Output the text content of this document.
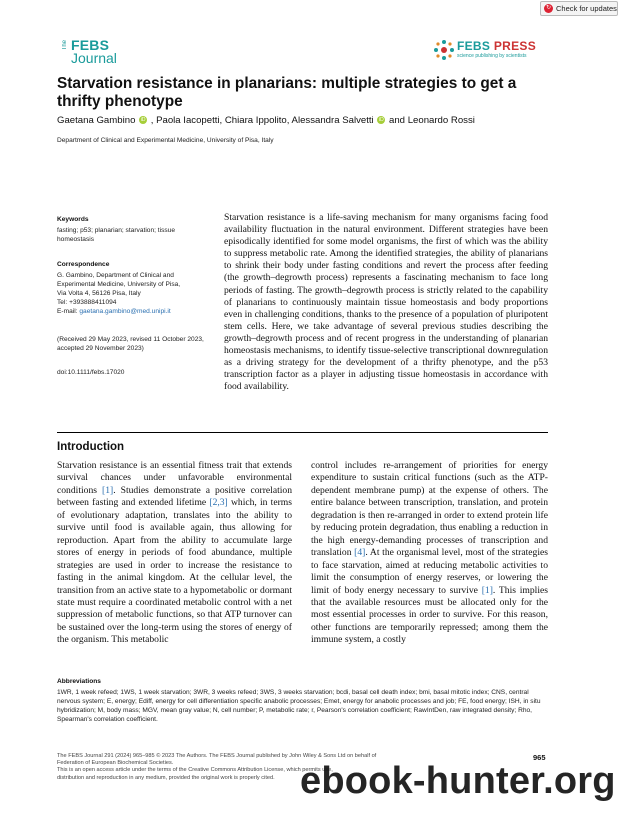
↻ Check for updates
The FEBS
Journal
FEBS PRESS
science publishing by scientists
Starvation resistance in planarians: multiple strategies to get a thrifty phenotype
Gaetana Gambino iD , Paola Iacopetti, Chiara Ippolito, Alessandra Salvetti iD and Leonardo Rossi
Department of Clinical and Experimental Medicine, University of Pisa, Italy
Keywords
fasting; p53; planarian; starvation; tissue homeostasis
Correspondence
G. Gambino, Department of Clinical and
Experimental Medicine, University of Pisa,
Via Volta 4, 56126 Pisa, Italy
Tel: +393888411094
E-mail: gaetana.gambino@med.unipi.it
(Received 29 May 2023, revised 11 October 2023, accepted 29 November 2023)
doi:10.1111/febs.17020
Starvation resistance is a life-saving mechanism for many organisms facing food availability fluctuation in the natural environment. Different strategies have been episodically identified for some model organisms, the first of which was the ability to suppress metabolic rate. Among the identified strategies, the ability of planarians to shrink their body under fasting conditions and revert the process after feeding (the growth–degrowth process) represents a fascinating mechanism to face long periods of fasting. The growth–degrowth process is strictly related to the capability of planarians to continuously maintain tissue homeostasis and body proportions even in challenging conditions, thanks to the presence of a population of pluripotent stem cells. Here, we take advantage of several previous studies describing the growth–degrowth process and of recent progress in the understanding of planarian homeostasis mechanisms, to identify tissue-selective transcriptional downregulation as a driving strategy for the development of a thrifty phenotype, and the p53 transcription factor as a player in adjusting tissue homeostasis in accordance with food availability.
Introduction
Starvation resistance is an essential fitness trait that extends survival chances under unfavorable environmental conditions [1]. Studies demonstrate a positive correlation between fasting and extended lifetime [2,3] which, in terms of evolutionary adaptation, translates into the ability to survive until food is available again, thus allowing for reproduction. Apart from the ability to accumulate large stores of energy in periods of food abundance, multiple strategies are used in order to increase the resistance to fasting in the animal kingdom. At the cellular level, the transition from an active state to a hypometabolic or dormant state must require a coordinated metabolic control with a net suppression of metabolic functions, so that ATP turnover can be sustained over the long-term using the stores of energy of the organism. This metabolic
control includes re-arrangement of priorities for energy expenditure to sustain critical functions (such as the ATP-dependent membrane pump) at the expense of others. The entire balance between transcription, translation, and protein degradation is then re-arranged in order to extend protein life by reducing protein degradation, thus enabling a reduction in the high energy-demanding processes of transcription and translation [4]. At the organismal level, most of the strategies to face starvation, aimed at reducing metabolic activities to limit the consumption of energy reserves, or lowering the limit of body energy necessary to survive [1]. This implies that the available resources must be allocated only for the most essential processes in order to survive. For this reason, other functions are temporarily repressed; among them the immune system, a costly
Abbreviations
1WR, 1 week refeed; 1WS, 1 week starvation; 3WR, 3 weeks refeed; 3WS, 3 weeks starvation; bcdi, basal cell death index; bmi, basal mitotic index; CNS, central nervous system; E, energy; Ediff, energy for cell differentiation specific anabolic processes; Emet, energy for anabolic processes and job; FE, food energy; ISH, in situ hybridization; M, body mass; MGV, mean gray value; N, cell number; P, metabolic rate; r, Pearson's correlation coefficient; RawIntDen, raw integrated density; Rho, Spearman's correlation coefficient.
The FEBS Journal 291 (2024) 965–985 © 2023 The Authors. The FEBS Journal published by John Wiley & Sons Ltd on behalf of
Federation of European Biochemical Societies.
This is an open access article under the terms of the Creative Commons Attribution License, which permits use,
distribution and reproduction in any medium, provided the original work is properly cited.
965
ebook-hunter.org
